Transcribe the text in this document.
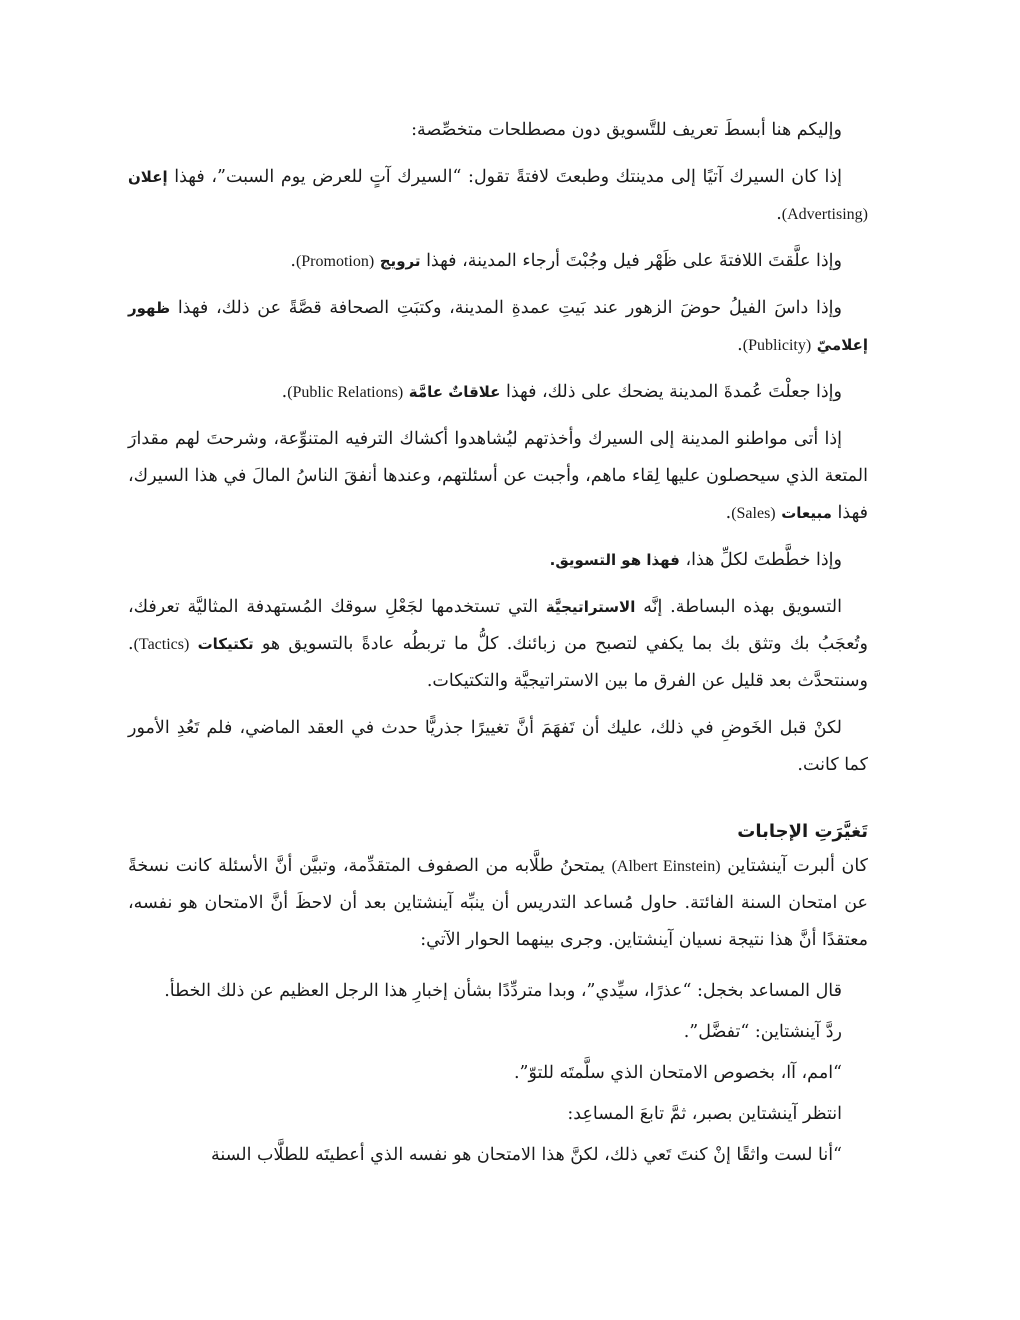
وإليكم هنا أبسطَ تعريف للتَّسويق دون مصطلحات متخصِّصة:

إذا كان السيرك آتيًا إلى مدينتك وطبعتَ لافتةً تقول: “السيرك آتٍ للعرض يوم السبت”، فهذا إعلان (Advertising).

وإذا علَّقتَ اللافتةَ على ظَهْر فيل وجُبْتَ أرجاء المدينة، فهذا ترويج (Promotion).

وإذا داسَ الفيلُ حوضَ الزهور عند بَيتِ عمدةِ المدينة، وكتبَتِ الصحافة قصَّةً عن ذلك، فهذا ظهور إعلاميّ (Publicity).

وإذا جعلْتَ عُمدةَ المدينة يضحك على ذلك، فهذا علاقاتٌ عامَّة (Public Relations).

إذا أتى مواطنو المدينة إلى السيرك وأخذتهم ليُشاهدوا أكشاك الترفيه المتنوِّعة، وشرحتَ لهم مقدارَ المتعة الذي سيحصلون عليها لِقاء ماهم، وأجبت عن أسئلتهم، وعندها أنفقَ الناسُ المالَ في هذا السيرك، فهذا مبيعات (Sales).

وإذا خطَّطتَ لكلِّ هذا، فهذا هو التسويق.

التسويق بهذه البساطة. إنَّه الاستراتيجيَّة التي تستخدمها لجَعْلِ سوقك المُستهدفة المثاليَّة تعرفك، وتُعجَبُ بك وتثق بك بما يكفي لتصبح من زبائنك. كلُّ ما تربطُه عادةً بالتسويق هو تكتيكات (Tactics). وسنتحدَّث بعد قليل عن الفرق ما بين الاستراتيجيَّة والتكتيكات.

لكنْ قبل الخَوضِ في ذلك، عليك أن تَفهَمَ أنَّ تغييرًا جذريًّا حدث في العقد الماضي، فلم تَعُدِ الأمور كما كانت.

تَغيَّرَتِ الإجابات

كان ألبرت آينشتاين (Albert Einstein) يمتحنُ طلَّابه من الصفوف المتقدِّمة، وتبيَّن أنَّ الأسئلة كانت نسخةً عن امتحان السنة الفائتة. حاول مُساعد التدريس أن ينبِّه آينشتاين بعد أن لاحظَ أنَّ الامتحان هو نفسه، معتقدًا أنَّ هذا نتيجة نسيان آينشتاين. وجرى بينهما الحوار الآتي:

قال المساعد بخجل: “عذرًا، سيِّدي”، وبدا متردِّدًا بشأن إخبارِ هذا الرجل العظيم عن ذلك الخطأ.

ردَّ آينشتاين: “تفضَّل”.

“امم، آا، بخصوص الامتحان الذي سلَّمتَه للتوّ”.

انتظر آينشتاين بصبر، ثمَّ تابعَ المساعِد:

“أنا لست واثقًا إنْ كنتَ تَعي ذلك، لكنَّ هذا الامتحان هو نفسه الذي أعطيتَه للطلَّاب السنة
